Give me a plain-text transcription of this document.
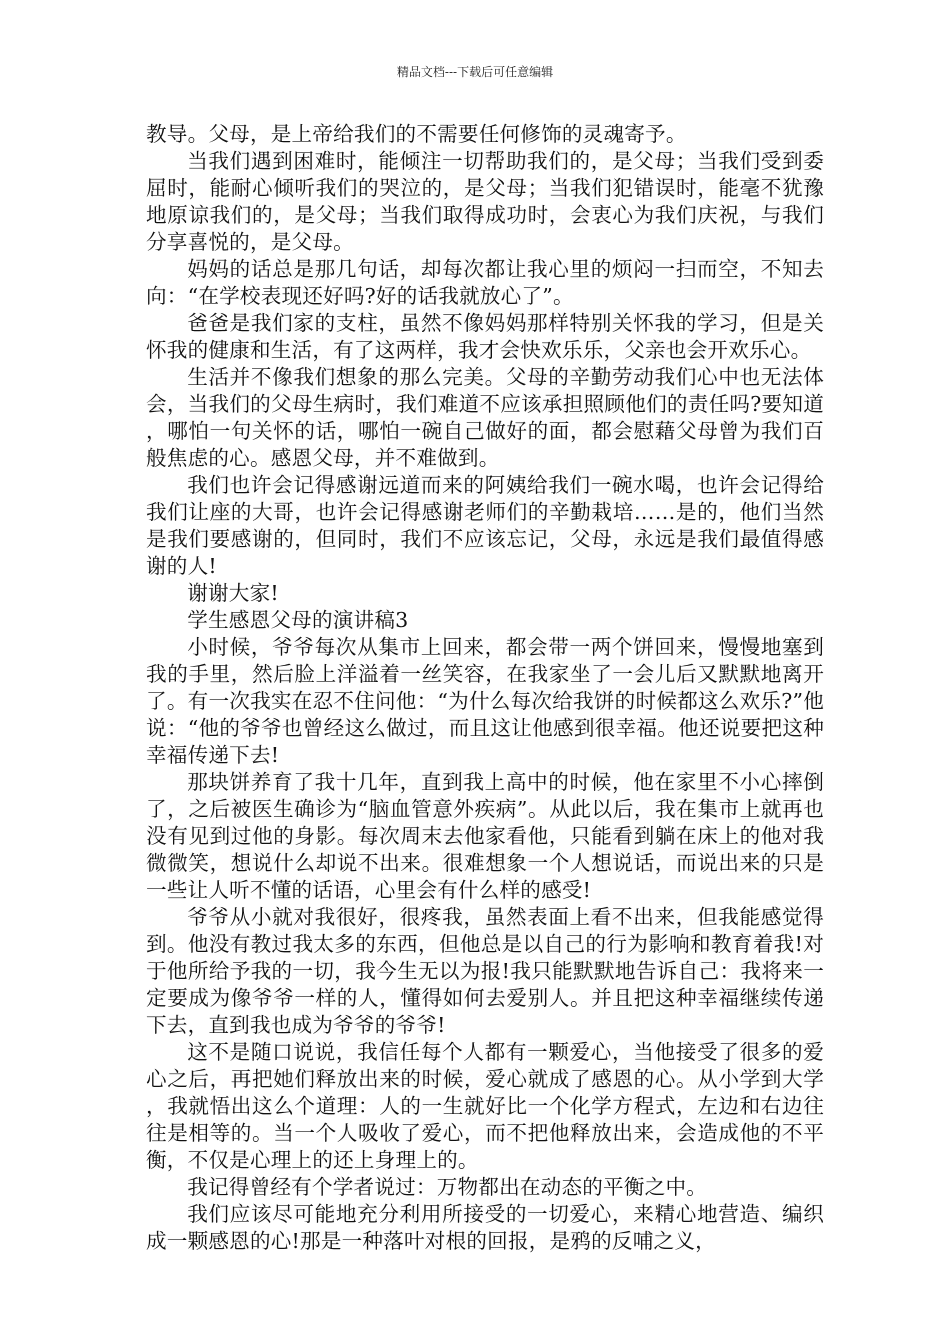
精品文档---下载后可任意编辑

教导。父母，是上帝给我们的不需要任何修饰的灵魂寄予。

当我们遇到困难时，能倾注一切帮助我们的，是父母；当我们受到委屈时，能耐心倾听我们的哭泣的，是父母；当我们犯错误时，能毫不犹豫地原谅我们的，是父母；当我们取得成功时，会衷心为我们庆祝，与我们分享喜悦的，是父母。

妈妈的话总是那几句话，却每次都让我心里的烦闷一扫而空，不知去向：“在学校表现还好吗?好的话我就放心了”。

爸爸是我们家的支柱，虽然不像妈妈那样特别关怀我的学习，但是关怀我的健康和生活，有了这两样，我才会快欢乐乐，父亲也会开欢乐心。

生活并不像我们想象的那么完美。父母的辛勤劳动我们心中也无法体会，当我们的父母生病时，我们难道不应该承担照顾他们的责任吗?要知道，哪怕一句关怀的话，哪怕一碗自己做好的面，都会慰藉父母曾为我们百般焦虑的心。感恩父母，并不难做到。

我们也许会记得感谢远道而来的阿姨给我们一碗水喝，也许会记得给我们让座的大哥，也许会记得感谢老师们的辛勤栽培……是的，他们当然是我们要感谢的，但同时，我们不应该忘记，父母，永远是我们最值得感谢的人!

谢谢大家!

学生感恩父母的演讲稿3

小时候，爷爷每次从集市上回来，都会带一两个饼回来，慢慢地塞到我的手里，然后脸上洋溢着一丝笑容，在我家坐了一会儿后又默默地离开了。有一次我实在忍不住问他：“为什么每次给我饼的时候都这么欢乐?”他说：“他的爷爷也曾经这么做过，而且这让他感到很幸福。他还说要把这种幸福传递下去!

那块饼养育了我十几年，直到我上高中的时候，他在家里不小心摔倒了，之后被医生确诊为“脑血管意外疾病”。从此以后，我在集市上就再也没有见到过他的身影。每次周末去他家看他，只能看到躺在床上的他对我微微笑，想说什么却说不出来。很难想象一个人想说话，而说出来的只是一些让人听不懂的话语，心里会有什么样的感受!

爷爷从小就对我很好，很疼我，虽然表面上看不出来，但我能感觉得到。他没有教过我太多的东西，但他总是以自己的行为影响和教育着我!对于他所给予我的一切，我今生无以为报!我只能默默地告诉自己：我将来一定要成为像爷爷一样的人，懂得如何去爱别人。并且把这种幸福继续传递下去，直到我也成为爷爷的爷爷!

这不是随口说说，我信任每个人都有一颗爱心，当他接受了很多的爱心之后，再把她们释放出来的时候，爱心就成了感恩的心。从小学到大学，我就悟出这么个道理：人的一生就好比一个化学方程式，左边和右边往往是相等的。当一个人吸收了爱心，而不把他释放出来，会造成他的不平衡，不仅是心理上的还上身理上的。

我记得曾经有个学者说过：万物都出在动态的平衡之中。

我们应该尽可能地充分利用所接受的一切爱心，来精心地营造、编织成一颗感恩的心!那是一种落叶对根的回报，是鸦的反哺之义，
